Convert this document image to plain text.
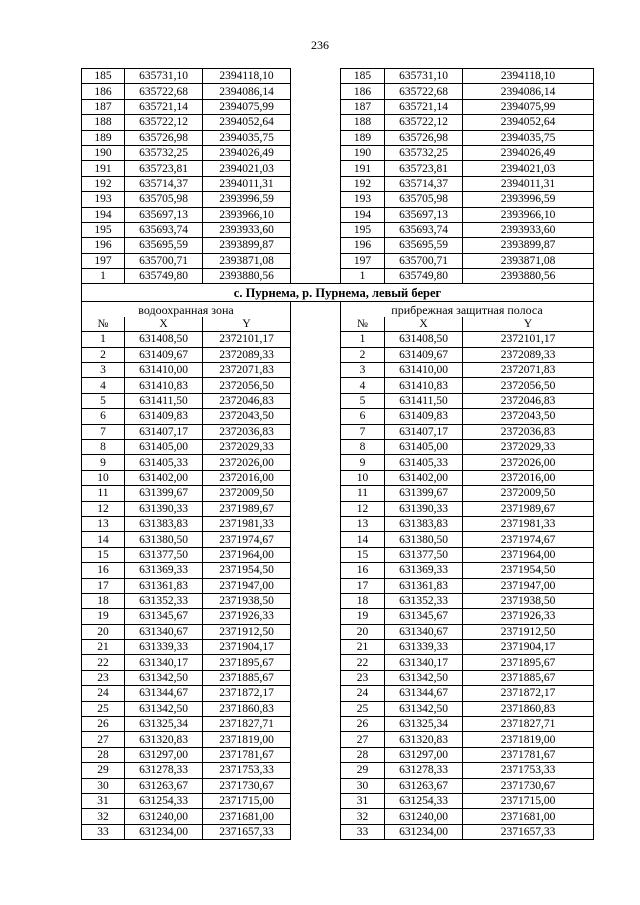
236
185	635731,10	2394118,10		185	635731,10	2394118,10
186	635722,68	2394086,14		186	635722,68	2394086,14
187	635721,14	2394075,99		187	635721,14	2394075,99
188	635722,12	2394052,64		188	635722,12	2394052,64
189	635726,98	2394035,75		189	635726,98	2394035,75
190	635732,25	2394026,49		190	635732,25	2394026,49
191	635723,81	2394021,03		191	635723,81	2394021,03
192	635714,37	2394011,31		192	635714,37	2394011,31
193	635705,98	2393996,59		193	635705,98	2393996,59
194	635697,13	2393966,10		194	635697,13	2393966,10
195	635693,74	2393933,60		195	635693,74	2393933,60
196	635695,59	2393899,87		196	635695,59	2393899,87
197	635700,71	2393871,08		197	635700,71	2393871,08
1	635749,80	2393880,56		1	635749,80	2393880,56
с. Пурнема, р. Пурнема, левый берег						
водоохранная зона				прибрежная защитная полоса		
№	X	Y		№	X	Y
1	631408,50	2372101,17		1	631408,50	2372101,17
2	631409,67	2372089,33		2	631409,67	2372089,33
3	631410,00	2372071,83		3	631410,00	2372071,83
4	631410,83	2372056,50		4	631410,83	2372056,50
5	631411,50	2372046,83		5	631411,50	2372046,83
6	631409,83	2372043,50		6	631409,83	2372043,50
7	631407,17	2372036,83		7	631407,17	2372036,83
8	631405,00	2372029,33		8	631405,00	2372029,33
9	631405,33	2372026,00		9	631405,33	2372026,00
10	631402,00	2372016,00		10	631402,00	2372016,00
11	631399,67	2372009,50		11	631399,67	2372009,50
12	631390,33	2371989,67		12	631390,33	2371989,67
13	631383,83	2371981,33		13	631383,83	2371981,33
14	631380,50	2371974,67		14	631380,50	2371974,67
15	631377,50	2371964,00		15	631377,50	2371964,00
16	631369,33	2371954,50		16	631369,33	2371954,50
17	631361,83	2371947,00		17	631361,83	2371947,00
18	631352,33	2371938,50		18	631352,33	2371938,50
19	631345,67	2371926,33		19	631345,67	2371926,33
20	631340,67	2371912,50		20	631340,67	2371912,50
21	631339,33	2371904,17		21	631339,33	2371904,17
22	631340,17	2371895,67		22	631340,17	2371895,67
23	631342,50	2371885,67		23	631342,50	2371885,67
24	631344,67	2371872,17		24	631344,67	2371872,17
25	631342,50	2371860,83		25	631342,50	2371860,83
26	631325,34	2371827,71		26	631325,34	2371827,71
27	631320,83	2371819,00		27	631320,83	2371819,00
28	631297,00	2371781,67		28	631297,00	2371781,67
29	631278,33	2371753,33		29	631278,33	2371753,33
30	631263,67	2371730,67		30	631263,67	2371730,67
31	631254,33	2371715,00		31	631254,33	2371715,00
32	631240,00	2371681,00		32	631240,00	2371681,00
33	631234,00	2371657,33		33	631234,00	2371657,33
